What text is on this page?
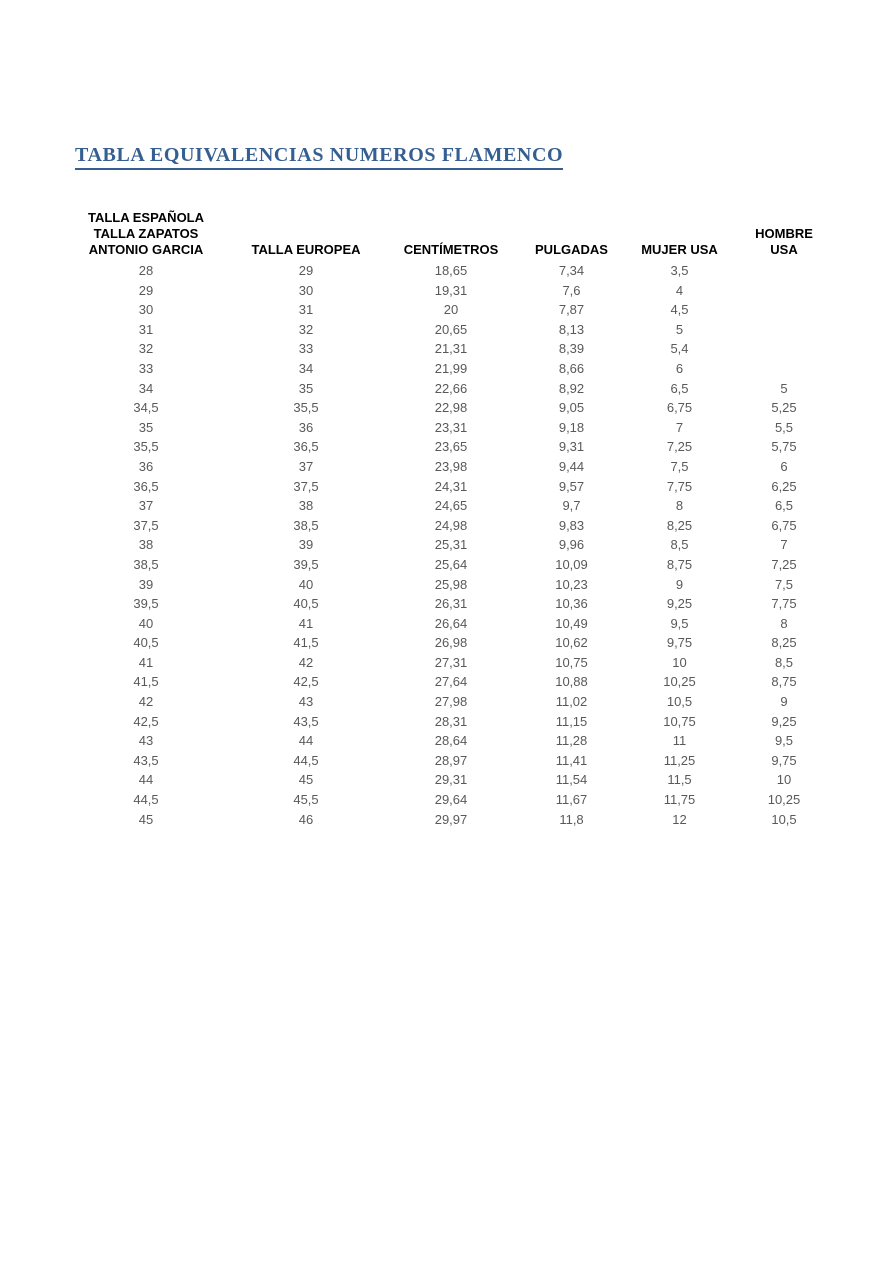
TABLA EQUIVALENCIAS NUMEROS FLAMENCO
TALLA ESPAÑOLA
TALLA ZAPATOS
ANTONIO GARCIA	TALLA EUROPEA	CENTÍMETROS	PULGADAS	MUJER USA	HOMBRE
USA

28	29	18,65	7,34	3,5	
29	30	19,31	7,6	4	
30	31	20	7,87	4,5	
31	32	20,65	8,13	5	
32	33	21,31	8,39	5,4	
33	34	21,99	8,66	6	
34	35	22,66	8,92	6,5	5
34,5	35,5	22,98	9,05	6,75	5,25
35	36	23,31	9,18	7	5,5
35,5	36,5	23,65	9,31	7,25	5,75
36	37	23,98	9,44	7,5	6
36,5	37,5	24,31	9,57	7,75	6,25
37	38	24,65	9,7	8	6,5
37,5	38,5	24,98	9,83	8,25	6,75
38	39	25,31	9,96	8,5	7
38,5	39,5	25,64	10,09	8,75	7,25
39	40	25,98	10,23	9	7,5
39,5	40,5	26,31	10,36	9,25	7,75
40	41	26,64	10,49	9,5	8
40,5	41,5	26,98	10,62	9,75	8,25
41	42	27,31	10,75	10	8,5
41,5	42,5	27,64	10,88	10,25	8,75
42	43	27,98	11,02	10,5	9
42,5	43,5	28,31	11,15	10,75	9,25
43	44	28,64	11,28	11	9,5
43,5	44,5	28,97	11,41	11,25	9,75
44	45	29,31	11,54	11,5	10
44,5	45,5	29,64	11,67	11,75	10,25
45	46	29,97	11,8	12	10,5
